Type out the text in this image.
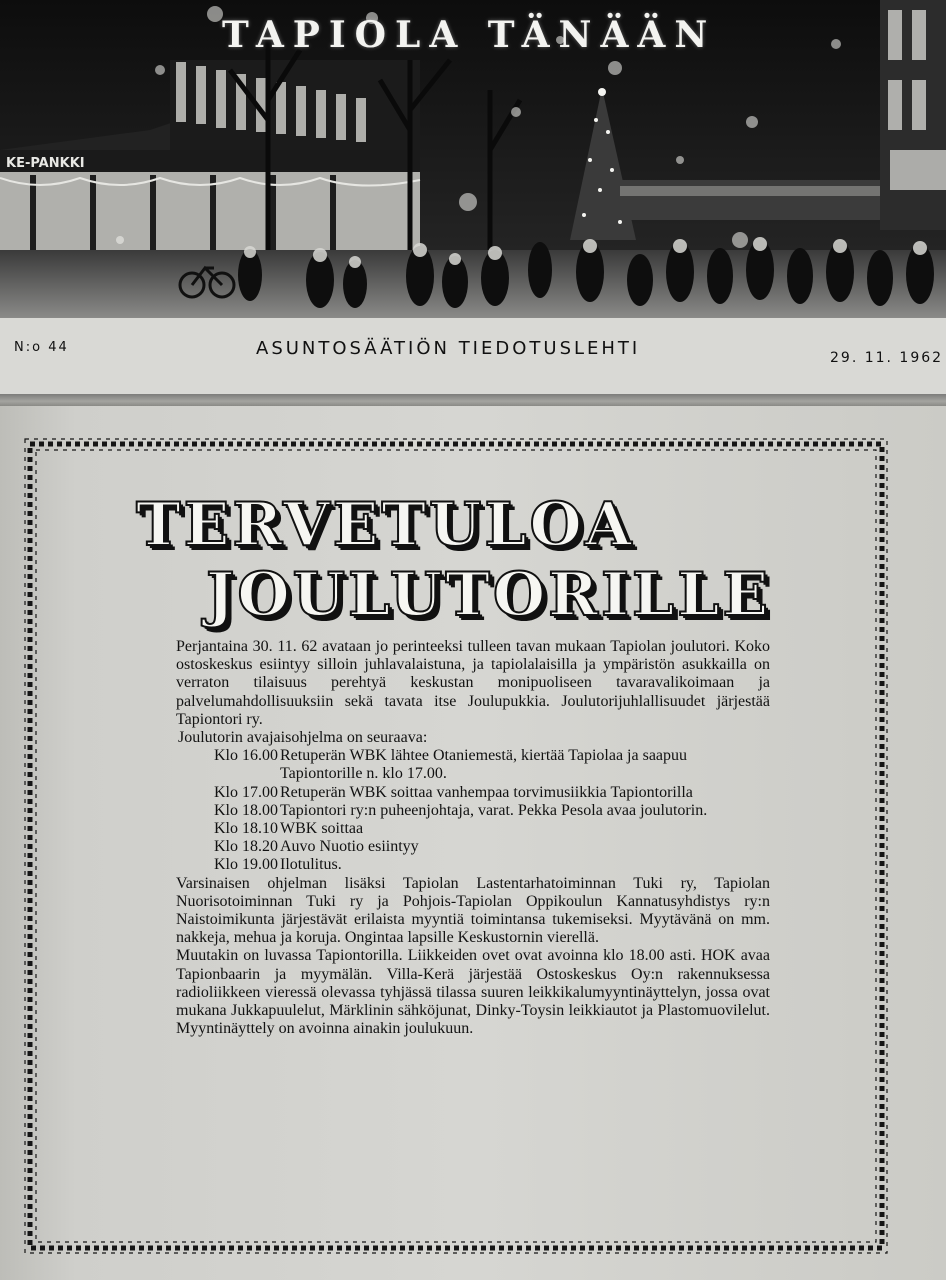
KE-PANKKI
TAPIOLA TÄNÄÄN
N:o 44	ASUNTOSÄÄTIÖN TIEDOTUSLEHTI	29. 11. 1962
TERVETULOA
JOULUTORILLE

Perjantaina 30. 11. 62 avataan jo perinteeksi tulleen tavan mukaan Tapiolan joulutori. Koko ostoskeskus esiintyy silloin juhlavalaistuna, ja tapiolalaisilla ja ympäristön asukkailla on verraton tilaisuus perehtyä keskustan monipuoliseen tavaravalikoimaan ja palvelumahdollisuuksiin sekä tavata itse Joulupukkia. Joulutorijuhlallisuudet järjestää Tapiontori ry.

Joulutorin avajaisohjelma on seuraava:

Klo 16.00 Retuperän WBK lähtee Otaniemestä, kiertää Tapiolaa ja saapuu Tapiontorille n. klo 17.00.
Klo 17.00 Retuperän WBK soittaa vanhempaa torvimusiikkia Tapiontorilla
Klo 18.00 Tapiontori ry:n puheenjohtaja, varat. Pekka Pesola avaa joulutorin.
Klo 18.10 WBK soittaa
Klo 18.20 Auvo Nuotio esiintyy
Klo 19.00 Ilotulitus.

Varsinaisen ohjelman lisäksi Tapiolan Lastentarhatoiminnan Tuki ry, Tapiolan Nuorisotoiminnan Tuki ry ja Pohjois-Tapiolan Oppikoulun Kannatusyhdistys ry:n Naistoimikunta järjestävät erilaista myyntiä toimintansa tukemiseksi. Myytävänä on mm. nakkeja, mehua ja koruja. Ongintaa lapsille Keskustornin vierellä.

Muutakin on luvassa Tapiontorilla. Liikkeiden ovet ovat avoinna klo 18.00 asti. HOK avaa Tapionbaarin ja myymälän. Villa-Kerä järjestää Ostoskeskus Oy:n rakennuksessa radioliikkeen vieressä olevassa tyhjässä tilassa suuren leikkikalumyyntinäyttelyn, jossa ovat mukana Jukkapuulelut, Märklinin sähköjunat, Dinky-Toysin leikkiautot ja Plastomuovilelut. Myyntinäyttely on avoinna ainakin joulukuun.
